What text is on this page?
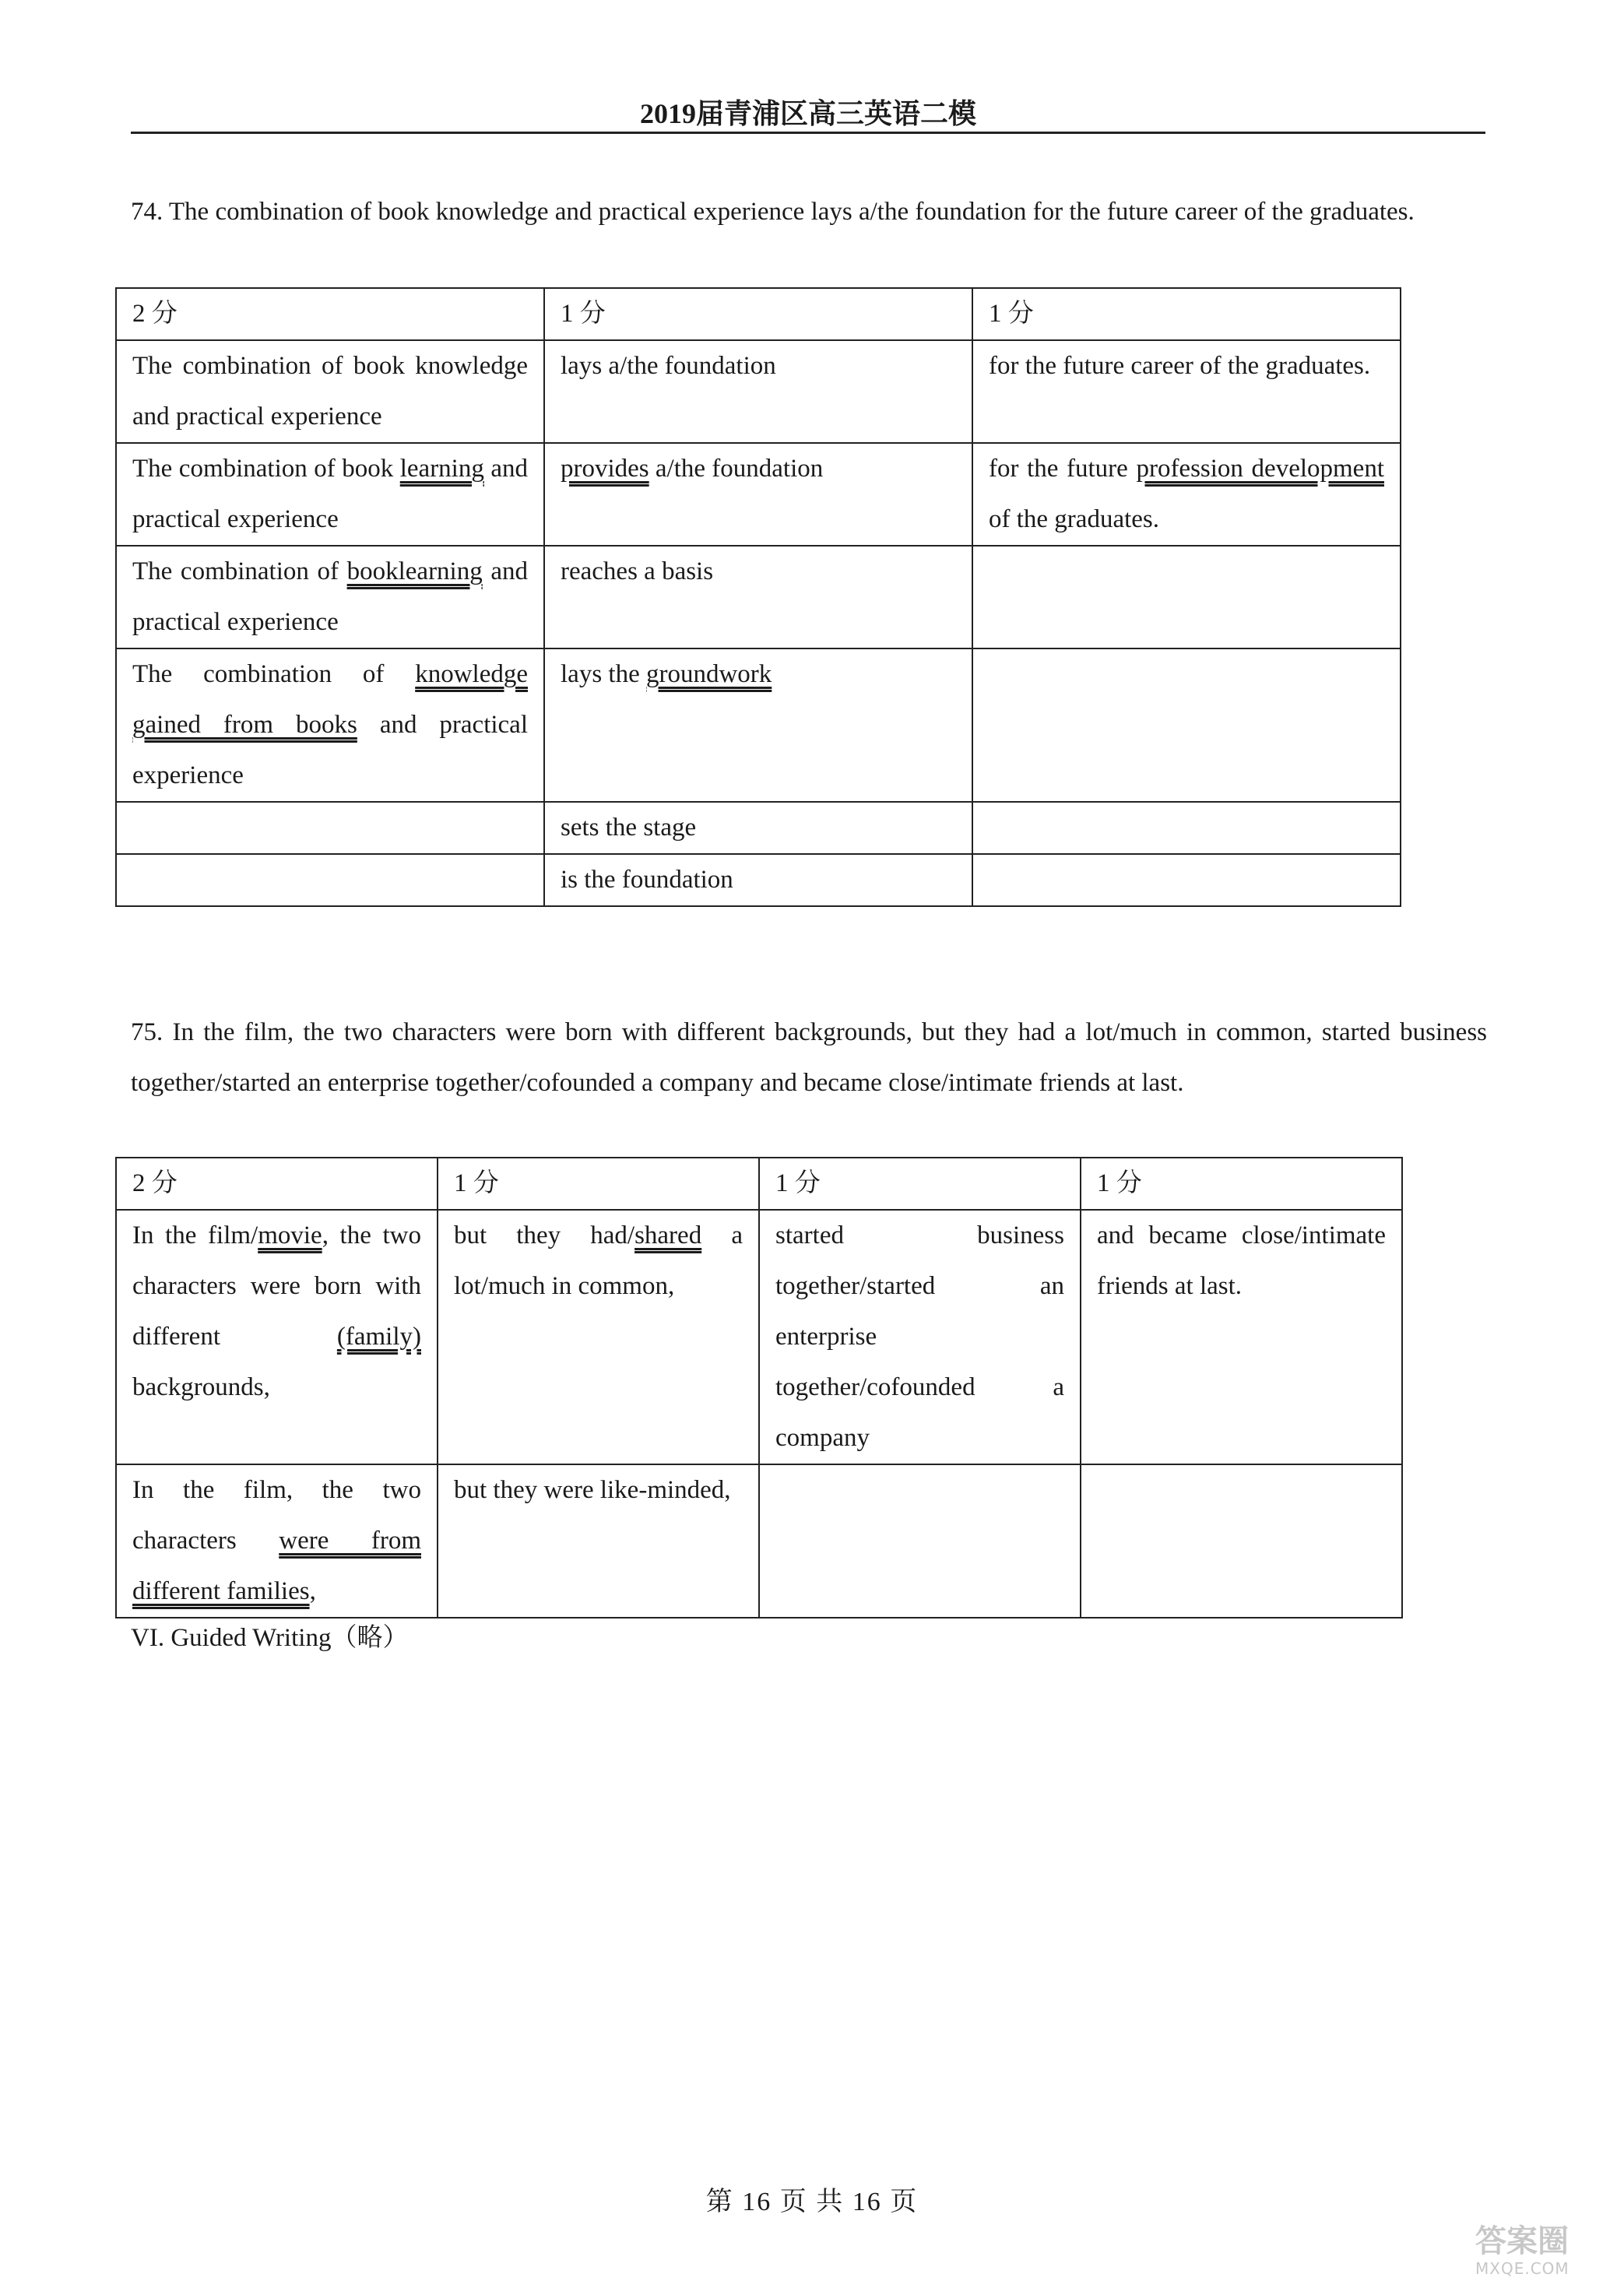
2019届青浦区高三英语二模
74. The combination of book knowledge and practical experience lays a/the foundation for the future career of the graduates.
2 分	1 分	1 分
The combination of book knowledge and practical experience	lays a/the foundation	for the future career of the graduates.
The combination of book learning and practical experience	provides a/the foundation	for the future profession development of the graduates.
The combination of booklearning and practical experience	reaches a basis	
The combination of knowledge gained from books and practical experience	lays the groundwork	
	sets the stage	
	is the foundation	
75. In the film, the two characters were born with different backgrounds, but they had a lot/much in common, started business together/started an enterprise together/cofounded a company and became close/intimate friends at last.
2 分	1 分	1 分	1 分
In the film/movie, the two characters were born with different (family) backgrounds,	but they had/shared a lot/much in common,	started business together/started an enterprise together/cofounded a company	and became close/intimate friends at last.
In the film, the two characters were from different families,	but they were like-minded,		
VI. Guided Writing（略）
第 16 页 共 16 页
答案圈
MXQE.COM
